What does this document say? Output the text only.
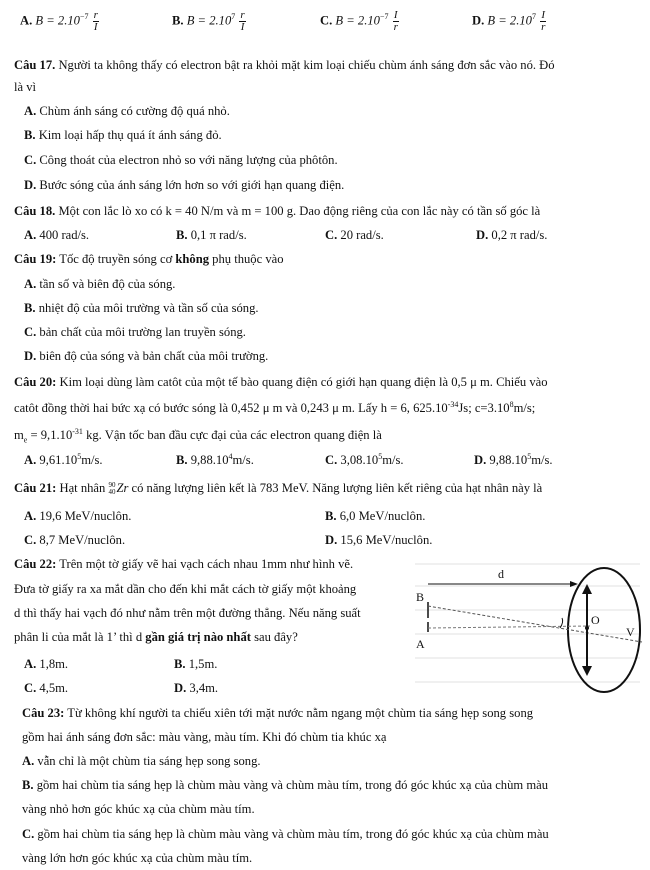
A. $B = 2.10^{-7} \frac{r}{I}$	B. $B = 2.10^7 \frac{r}{I}$	C. $B = 2.10^{-7} \frac{I}{r}$	D. $B = 2.10^7 \frac{I}{r}$
Câu 17. Người ta không thấy có electron bật ra khỏi mặt kim loại chiếu chùm ánh sáng đơn sắc vào nó. Đó
là vì
A. Chùm ánh sáng có cường độ quá nhỏ.
B. Kim loại hấp thụ quá ít ánh sáng đỏ.
C. Công thoát của electron nhỏ so với năng lượng của phôtôn.
D. Bước sóng của ánh sáng lớn hơn so với giới hạn quang điện.
Câu 18. Một con lắc lò xo có k = 40 N/m và m = 100 g. Dao động riêng của con lắc này có tần số góc là
A. 400 rad/s.	B. 0,1 π rad/s.	C. 20 rad/s.	D. 0,2 π rad/s.
Câu 19: Tốc độ truyền sóng cơ không phụ thuộc vào
A. tần số và biên độ của sóng.
B. nhiệt độ của môi trường và tần số của sóng.
C. bản chất của môi trường lan truyền sóng.
D. biên độ của sóng và bản chất của môi trường.
Câu 20: Kim loại dùng làm catôt của một tế bào quang điện có giới hạn quang điện là 0,5 μ m. Chiếu vào
catôt đồng thời hai bức xạ có bước sóng là 0,452 μ m và 0,243 μ m. Lấy h = 6, $625.10^{-34}Js$; $c=3.10^8m/s$;
$m_e = 9,1.10^{-31}$ kg. Vận tốc ban đầu cực đại của các electron quang điện là
A. 9,61.10$^5$m/s.	B. 9,88.10$^4$m/s.	C. 3,08.10$^5$m/s.	D. 9,88.10$^5$m/s.
Câu 21: Hạt nhân 90
40 Zr có năng lượng liên kết là 783 MeV. Năng lượng liên kết riêng của hạt nhân này là
A. 19,6 MeV/nuclôn.	B. 6,0 MeV/nuclôn.
C. 8,7 MeV/nuclôn.	D. 15,6 MeV/nuclôn.
Câu 22: Trên một tờ giấy vẽ hai vạch cách nhau 1mm như hình vẽ.
Đưa tờ giấy ra xa mắt dần cho đến khi mắt cách tờ giấy một khoảng
d thì thấy hai vạch đó như nằm trên một đường thẳng. Nếu năng suất
phân li của mắt là 1’ thì d gần giá trị nào nhất sau đây?
A. 1,8m.	B. 1,5m.
C. 4,5m.	D. 3,4m.
d
B
A
O
V
Câu 23: Từ không khí người ta chiếu xiên tới mặt nước nằm ngang một chùm tia sáng hẹp song song
gồm hai ánh sáng đơn sắc: màu vàng, màu tím. Khi đó chùm tia khúc xạ
A. vẫn chỉ là một chùm tia sáng hẹp song song.
B. gồm hai chùm tia sáng hẹp là chùm màu vàng và chùm màu tím, trong đó góc khúc xạ của chùm màu
vàng nhỏ hơn góc khúc xạ của chùm màu tím.
C. gồm hai chùm tia sáng hẹp là chùm màu vàng và chùm màu tím, trong đó góc khúc xạ của chùm màu
vàng lớn hơn góc khúc xạ của chùm màu tím.
